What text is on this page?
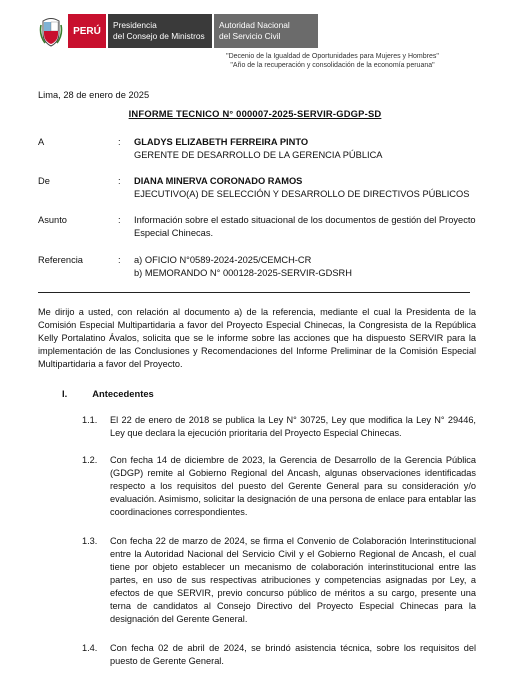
PERÚ
Presidencia
del Consejo de Ministros
Autoridad Nacional
del Servicio Civil
"Decenio de la Igualdad de Oportunidades para Mujeres y Hombres"
"Año de la recuperación y consolidación de la economía peruana"
Lima, 28 de enero de 2025
INFORME TECNICO N° 000007-2025-SERVIR-GDGP-SD
A	: GLADYS ELIZABETH FERREIRA PINTO
GERENTE DE DESARROLLO DE LA GERENCIA PÚBLICA
De	: DIANA MINERVA CORONADO RAMOS
EJECUTIVO(A) DE SELECCIÓN Y DESARROLLO DE DIRECTIVOS PÚBLICOS
Asunto	: Información sobre el estado situacional de los documentos de gestión del Proyecto Especial Chinecas.
Referencia	: a) OFICIO N°0589-2024-2025/CEMCH-CR
b) MEMORANDO N° 000128-2025-SERVIR-GDSRH
Me dirijo a usted, con relación al documento a) de la referencia, mediante el cual la Presidenta de la Comisión Especial Multipartidaria a favor del Proyecto Especial Chinecas, la Congresista de la República Kelly Portalatino Ávalos, solicita que se le informe sobre las acciones que ha dispuesto SERVIR para la implementación de las Conclusiones y Recomendaciones del Informe Preliminar de la Comisión Especial Multipartidaria a favor del Proyecto.
I.	Antecedentes
1.1. El 22 de enero de 2018 se publica la Ley N° 30725, Ley que modifica la Ley N° 29446, Ley que declara la ejecución prioritaria del Proyecto Especial Chinecas.
1.2. Con fecha 14 de diciembre de 2023, la Gerencia de Desarrollo de la Gerencia Pública (GDGP) remite al Gobierno Regional del Ancash, algunas observaciones identificadas respecto a los requisitos del puesto del Gerente General para su consideración y/o evaluación. Asimismo, solicitar la designación de una persona de enlace para entablar las coordinaciones correspondientes.
1.3. Con fecha 22 de marzo de 2024, se firma el Convenio de Colaboración Interinstitucional entre la Autoridad Nacional del Servicio Civil y el Gobierno Regional de Ancash, el cual tiene por objeto establecer un mecanismo de colaboración interinstitucional entre las partes, en uso de sus respectivas atribuciones y competencias asignadas por Ley, a efectos de que SERVIR, previo concurso público de méritos a su cargo, presente una terna de candidatos al Consejo Directivo del Proyecto Especial Chinecas para la designación del Gerente General.
1.4. Con fecha 02 de abril de 2024, se brindó asistencia técnica, sobre los requisitos del puesto de Gerente General.
